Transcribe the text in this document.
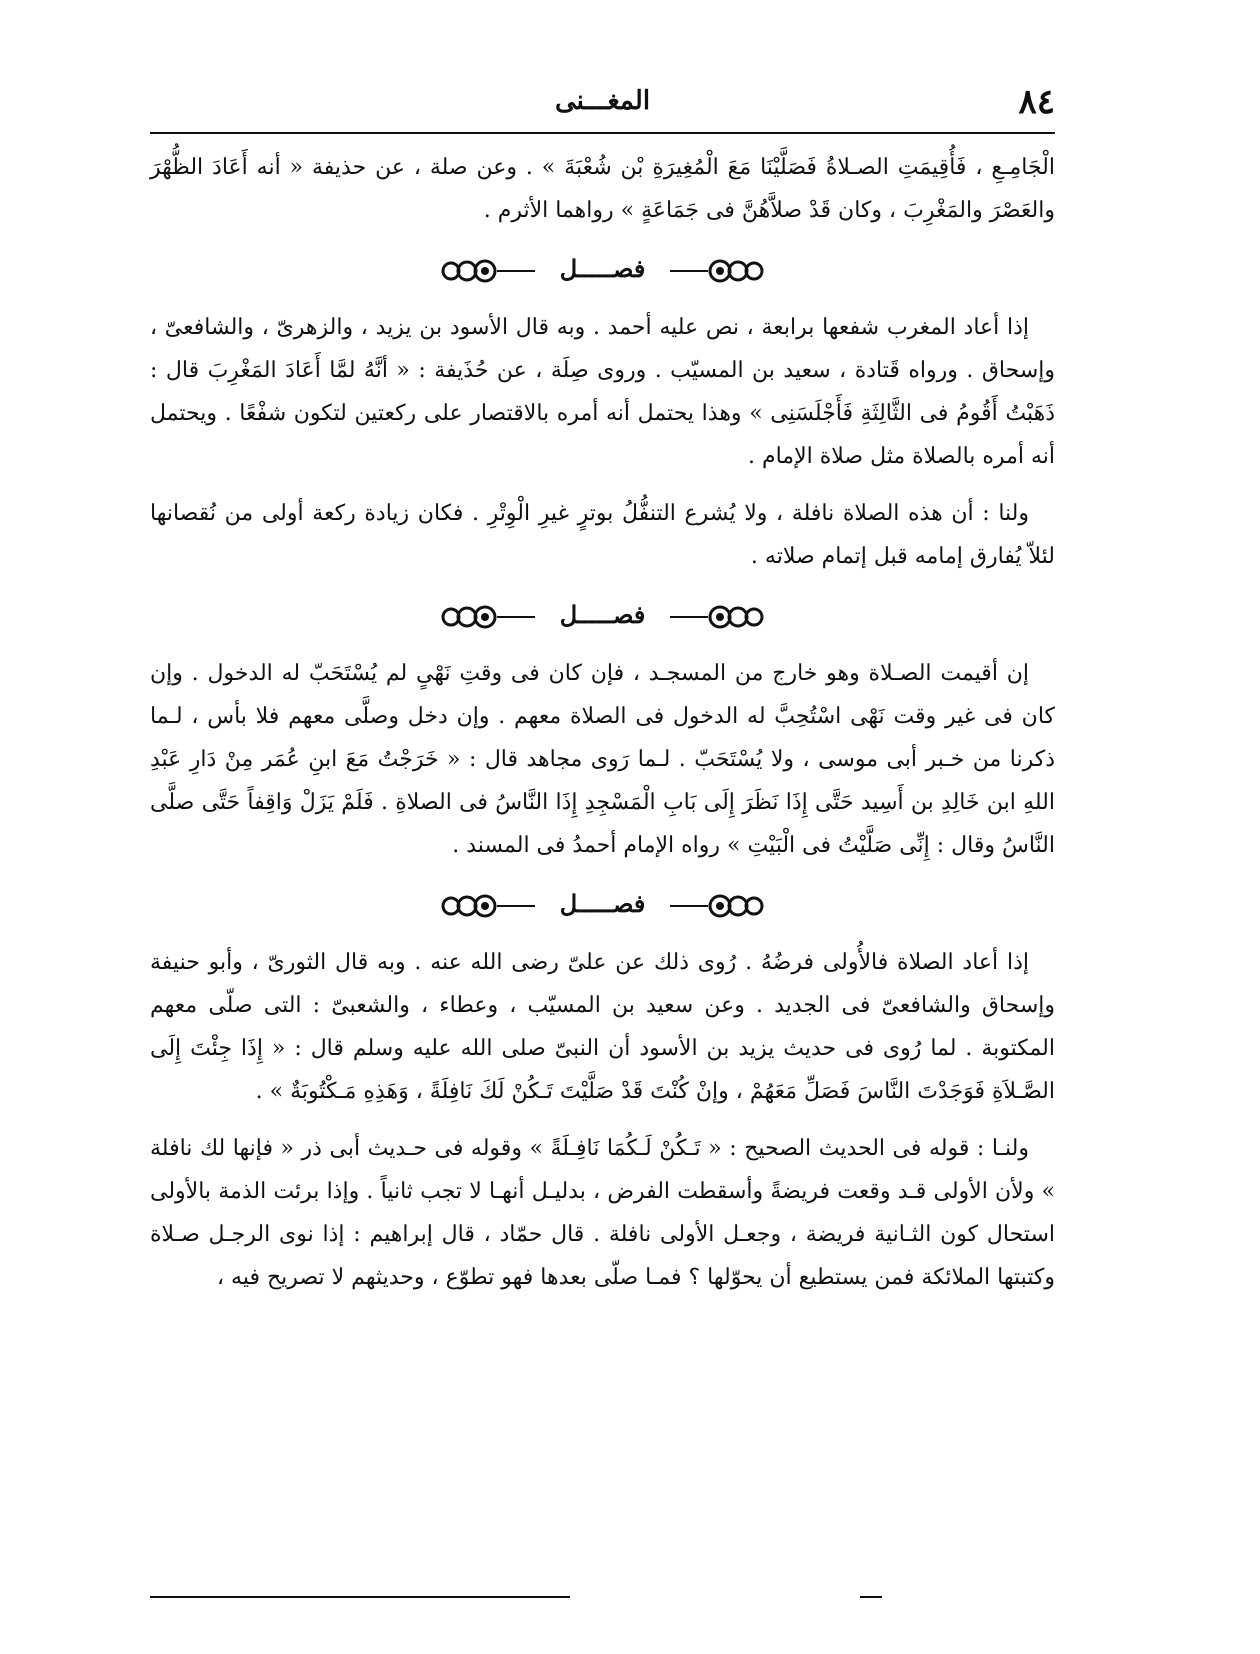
٨٤
المغـــنى

الْجَامِـعِ ، فَأُقِيمَتِ الصـلاةُ فَصَلَّيْنَا مَعَ الْمُغِيرَةِ بْن شُعْبَةَ » . وعن صلة ، عن حذيفة « أنه أَعَادَ الظُّهْرَ والعَصْرَ والمَغْرِبَ ، وكان قَدْ صلاَّهُنَّ فى جَمَاعَةٍ » رواهما الأثرم .

فصـــــل

إذا أعاد المغرب شفعها برابعة ، نص عليه أحمد . وبه قال الأسود بن يزيد ، والزهرىّ ، والشافعىّ ، وإسحاق . ورواه قَتادة ، سعيد بن المسيّب . وروى صِلَة ، عن حُذَيفة : « أنَّهُ لمَّا أَعَادَ المَغْرِبَ قال : ذَهَبْتُ أَقُومُ فى الثَّالِثَةِ فَأَجْلَسَنِى » وهذا يحتمل أنه أمره بالاقتصار على ركعتين لتكون شفْعًا . ويحتمل أنه أمره بالصلاة مثل صلاة الإمام .

ولنا : أن هذه الصلاة نافلة ، ولا يُشرع التنفُّلُ بوترٍ غيرِ الْوِتْرِ . فكان زيادة ركعة أولى من نُقصانها لئلاّ يُفارق إمامه قبل إتمام صلاته .

فصـــــل

إن أقيمت الصـلاة وهو خارج من المسجـد ، فإن كان فى وقتِ نَهْىٍ لم يُسْتَحَبّ له الدخول . وإن كان فى غير وقت نَهْى اسْتُحِبَّ له الدخول فى الصلاة معهم . وإن دخل وصلَّى معهم فلا بأس ، لـما ذكرنا من خـبر أبى موسى ، ولا يُسْتَحَبّ . لـما رَوى مجاهد قال : « خَرَجْتُ مَعَ ابنِ عُمَر مِنْ دَارِ عَبْدِ اللهِ ابن خَالِدِ بن أَسِيد حَتَّى إِذَا نَظَرَ إِلَى بَابِ الْمَسْجِدِ إِذَا النَّاسُ فى الصلاةِ . فَلَمْ يَزَلْ وَاقِفاً حَتَّى صلَّى النَّاسُ وقال : إِنِّى صَلَّيْتُ فى الْبَيْتِ » رواه الإمام أحمدُ فى المسند .

فصـــــل

إذا أعاد الصلاة فالأُولى فرضُهُ . رُوى ذلك عن علىّ رضى الله عنه . وبه قال الثورىّ ، وأبو حنيفة وإسحاق والشافعىّ فى الجديد . وعن سعيد بن المسيّب ، وعطاء ، والشعبىّ : التى صلّى معهم المكتوبة . لما رُوى فى حديث يزيد بن الأسود أن النبىّ صلى الله عليه وسلم قال : « إِذَا جِئْتَ إِلَى الصَّـلاَةِ فَوَجَدْتَ النَّاسَ فَصَلِّ مَعَهُمْ ، وإنْ كُنْتَ قَدْ صَلَّيْتَ تَـكُنْ لَكَ نَافِلَةً ، وَهَذِهِ مَـكْتُوبَةٌ » .

ولنـا : قوله فى الحديث الصحيح : « تَـكُنْ لَـكُمَا نَافِـلَةً » وقوله فى حـديث أبى ذر « فإنها لك نافلة » ولأن الأولى قـد وقعت فريضةً وأسقطت الفرض ، بدليـل أنهـا لا تجب ثانياً . وإذا برئت الذمة بالأولى استحال كون الثـانية فريضة ، وجعـل الأولى نافلة . قال حمّاد ، قال إبراهيم : إذا نوى الرجـل صـلاة وكتبتها الملائكة فمن يستطيع أن يحوّلها ؟ فمـا صلّى بعدها فهو تطوّع ، وحديثهم لا تصريح فيه ،
